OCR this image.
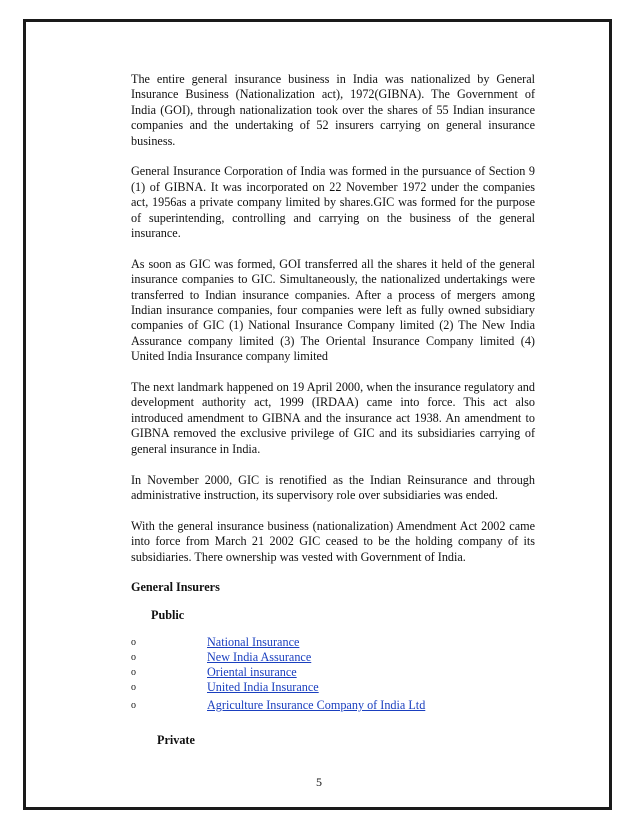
The entire general insurance business in India was nationalized by General Insurance Business (Nationalization act), 1972(GIBNA). The Government of India (GOI), through nationalization took over the shares of 55 Indian insurance companies and the undertaking of 52 insurers carrying on general insurance business.

General Insurance Corporation of India was formed in the pursuance of Section 9 (1) of GIBNA. It was incorporated on 22 November 1972 under the companies act, 1956as a private company limited by shares.GIC was formed for the purpose of superintending, controlling and carrying on the business of the general insurance.

As soon as GIC was formed, GOI transferred all the shares it held of the general insurance companies to GIC. Simultaneously, the nationalized undertakings were transferred to Indian insurance companies. After a process of mergers among Indian insurance companies, four companies were left as fully owned subsidiary companies of GIC (1) National Insurance Company limited (2) The New India Assurance company limited (3) The Oriental Insurance Company limited (4) United India Insurance company limited

The next landmark happened on 19 April 2000, when the insurance regulatory and development authority act, 1999 (IRDAA) came into force. This act also introduced amendment to GIBNA and the insurance act 1938. An amendment to GIBNA removed the exclusive privilege of GIC and its subsidiaries carrying of general insurance in India.

In November 2000, GIC is renotified as the Indian Reinsurance and through administrative instruction, its supervisory role over subsidiaries was ended.

With the general insurance business (nationalization) Amendment Act 2002 came into force from March 21 2002 GIC ceased to be the holding company of its subsidiaries. There ownership was vested with Government of India.

General Insurers
Public
o	National Insurance
o	New India Assurance
o	Oriental insurance
o	United India Insurance
o	Agriculture Insurance Company of India Ltd
Private
5
